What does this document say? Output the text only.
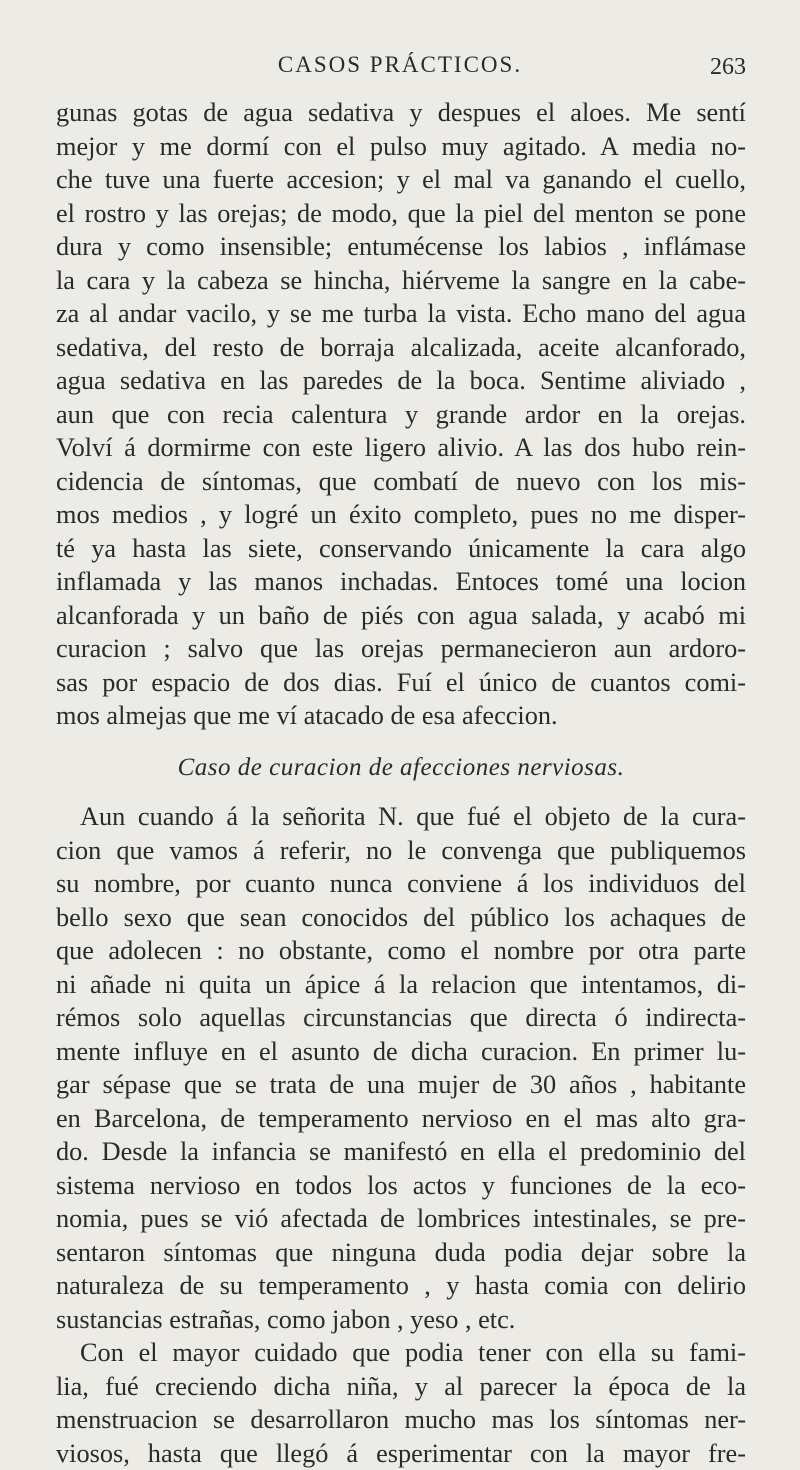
CASOS PRÁCTICOS.	263
gunas gotas de agua sedativa y despues el aloes. Me sentí
mejor y me dormí con el pulso muy agitado. A media no-
che tuve una fuerte accesion; y el mal va ganando el cuello,
el rostro y las orejas; de modo, que la piel del menton se pone
dura y como insensible; entumécense los labios , inflámase
la cara y la cabeza se hincha, hiérveme la sangre en la cabe-
za al andar vacilo, y se me turba la vista. Echo mano del agua
sedativa, del resto de borraja alcalizada, aceite alcanforado,
agua sedativa en las paredes de la boca. Sentime aliviado ,
aun que con recia calentura y grande ardor en la orejas.
Volví á dormirme con este ligero alivio. A las dos hubo rein-
cidencia de síntomas, que combatí de nuevo con los mis-
mos medios , y logré un éxito completo, pues no me disper-
té ya hasta las siete, conservando únicamente la cara algo
inflamada y las manos inchadas. Entoces tomé una locion
alcanforada y un baño de piés con agua salada, y acabó mi
curacion ; salvo que las orejas permanecieron aun ardoro-
sas por espacio de dos dias. Fuí el único de cuantos comi-
mos almejas que me ví atacado de esa afeccion.
Caso de curacion de afecciones nerviosas.
Aun cuando á la señorita N. que fué el objeto de la cura-
cion que vamos á referir, no le convenga que publiquemos
su nombre, por cuanto nunca conviene á los individuos del
bello sexo que sean conocidos del público los achaques de
que adolecen : no obstante, como el nombre por otra parte
ni añade ni quita un ápice á la relacion que intentamos, di-
rémos solo aquellas circunstancias que directa ó indirecta-
mente influye en el asunto de dicha curacion. En primer lu-
gar sépase que se trata de una mujer de 30 años , habitante
en Barcelona, de temperamento nervioso en el mas alto gra-
do. Desde la infancia se manifestó en ella el predominio del
sistema nervioso en todos los actos y funciones de la eco-
nomia, pues se vió afectada de lombrices intestinales, se pre-
sentaron síntomas que ninguna duda podia dejar sobre la
naturaleza de su temperamento , y hasta comia con delirio
sustancias estrañas, como jabon , yeso , etc.
Con el mayor cuidado que podia tener con ella su fami-
lia, fué creciendo dicha niña, y al parecer la época de la
menstruacion se desarrollaron mucho mas los síntomas ner-
viosos, hasta que llegó á esperimentar con la mayor fre-
